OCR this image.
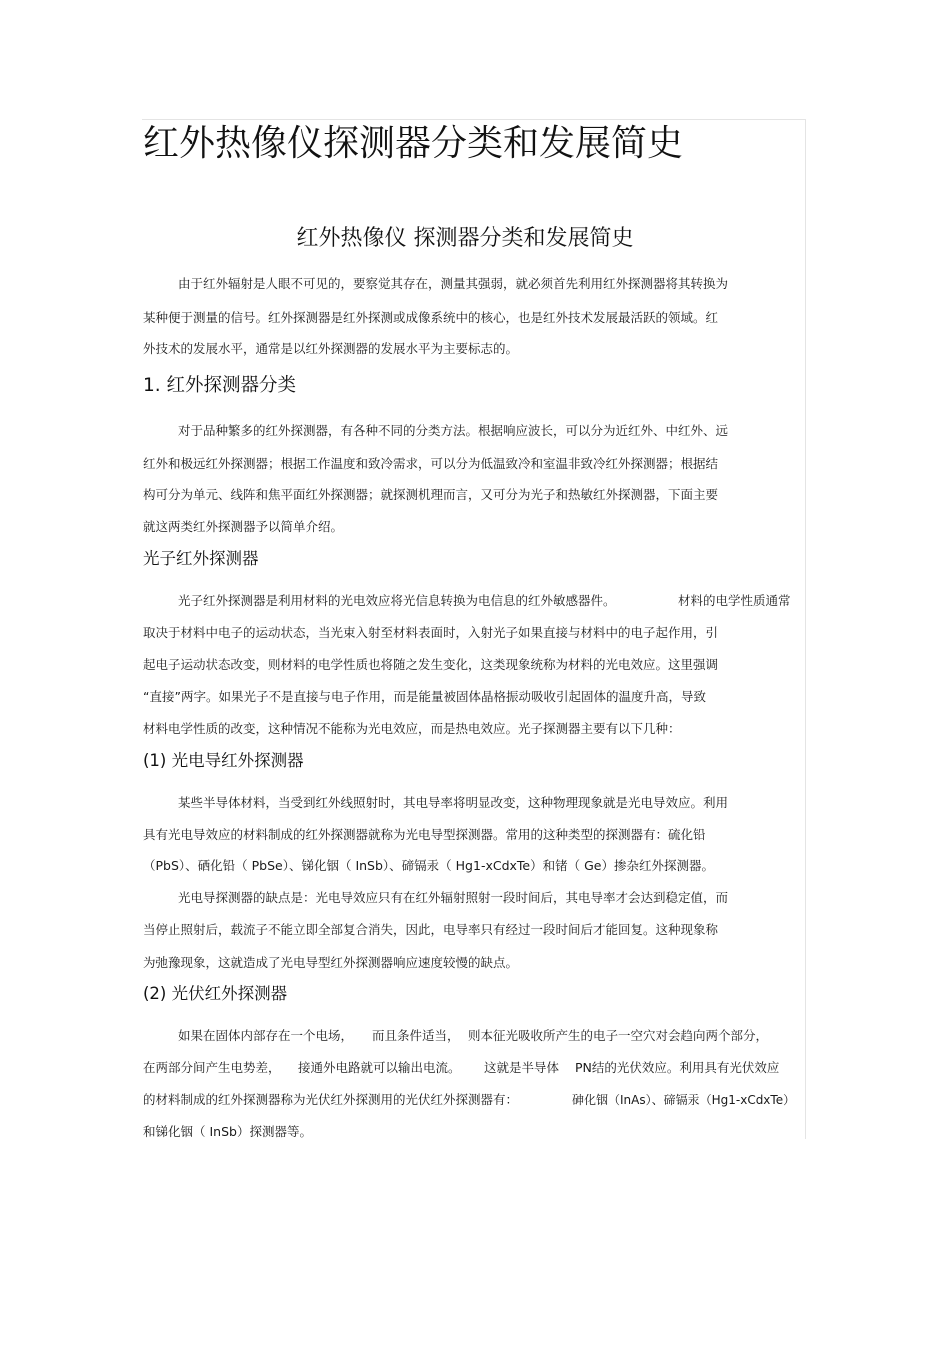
红外热像仪探测器分类和发展简史
红外热像仪 探测器分类和发展简史
由于红外辐射是人眼不可见的，要察觉其存在，测量其强弱，就必须首先利用红外探测器将其转换为
某种便于测量的信号。红外探测器是红外探测或成像系统中的核心，也是红外技术发展最活跃的领域。红
外技术的发展水平，通常是以红外探测器的发展水平为主要标志的。
1. 红外探测器分类
对于品种繁多的红外探测器，有各种不同的分类方法。根据响应波长，可以分为近红外、中红外、远
红外和极远红外探测器；根据工作温度和致冷需求，可以分为低温致冷和室温非致冷红外探测器；根据结
构可分为单元、线阵和焦平面红外探测器；就探测机理而言，又可分为光子和热敏红外探测器，下面主要
就这两类红外探测器予以简单介绍。
光子红外探测器
光子红外探测器是利用材料的光电效应将光信息转换为电信息的红外敏感器件。	材料的电学性质通常
取决于材料中电子的运动状态，当光束入射至材料表面时，入射光子如果直接与材料中的电子起作用，引
起电子运动状态改变，则材料的电学性质也将随之发生变化，这类现象统称为材料的光电效应。这里强调
“直接”两字。如果光子不是直接与电子作用，而是能量被固体晶格振动吸收引起固体的温度升高，导致
材料电学性质的改变，这种情况不能称为光电效应，而是热电效应。光子探测器主要有以下几种：
(1) 光电导红外探测器
某些半导体材料，当受到红外线照射时，其电导率将明显改变，这种物理现象就是光电导效应。利用
具有光电导效应的材料制成的红外探测器就称为光电导型探测器。常用的这种类型的探测器有：硫化铅
（PbS）、硒化铅（ PbSe）、锑化铟（ InSb）、碲镉汞（ Hg1-xCdxTe）和锗（ Ge）掺杂红外探测器。
光电导探测器的缺点是：光电导效应只有在红外辐射照射一段时间后，其电导率才会达到稳定值，而
当停止照射后，载流子不能立即全部复合消失，因此，电导率只有经过一段时间后才能回复。这种现象称
为弛豫现象，这就造成了光电导型红外探测器响应速度较慢的缺点。
(2) 光伏红外探测器
如果在固体内部存在一个电场， 而且条件适当， 则本征光吸收所产生的电子一空穴对会趋向两个部分，
在两部分间产生电势差， 接通外电路就可以输出电流。 这就是半导体 PN结的光伏效应。利用具有光伏效应
的材料制成的红外探测器称为光伏红外探测用的光伏红外探测器有：	砷化铟（InAs）、碲镉汞（Hg1-xCdxTe）
和锑化铟（ InSb）探测器等。
